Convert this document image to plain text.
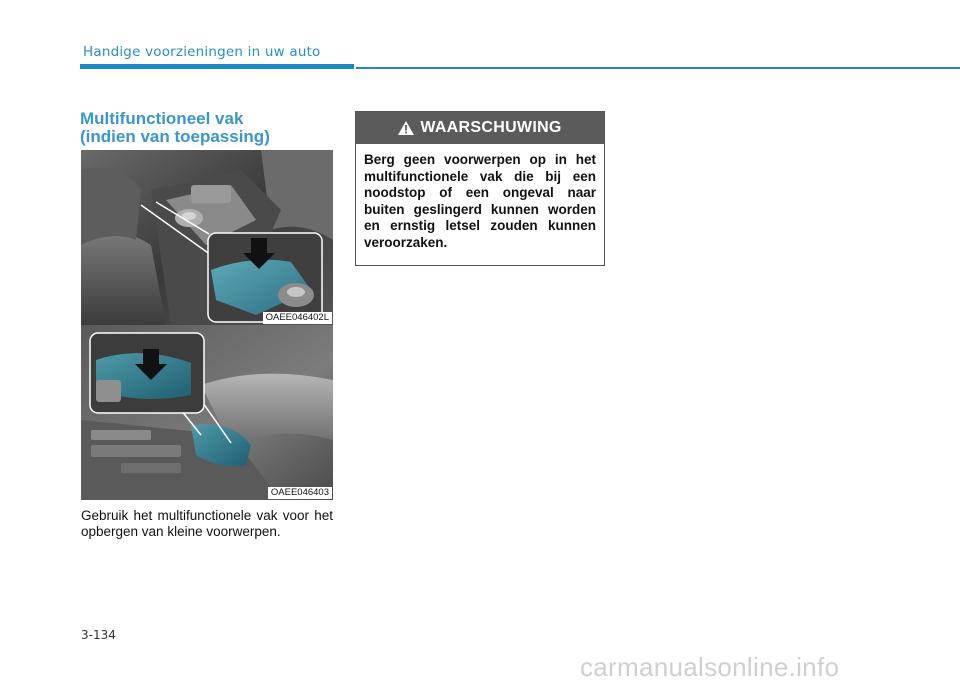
Handige voorzieningen in uw auto
Multifunctioneel vak
(indien van toepassing)
OAEE046402L
OAEE046403
Gebruik het multifunctionele vak voor het opbergen van kleine voorwerpen.
WAARSCHUWING
Berg geen voorwerpen op in het multifunctionele vak die bij een noodstop of een ongeval naar buiten geslingerd kunnen worden en ernstig letsel zouden kunnen veroorzaken.
3-134
carmanualsonline.info
